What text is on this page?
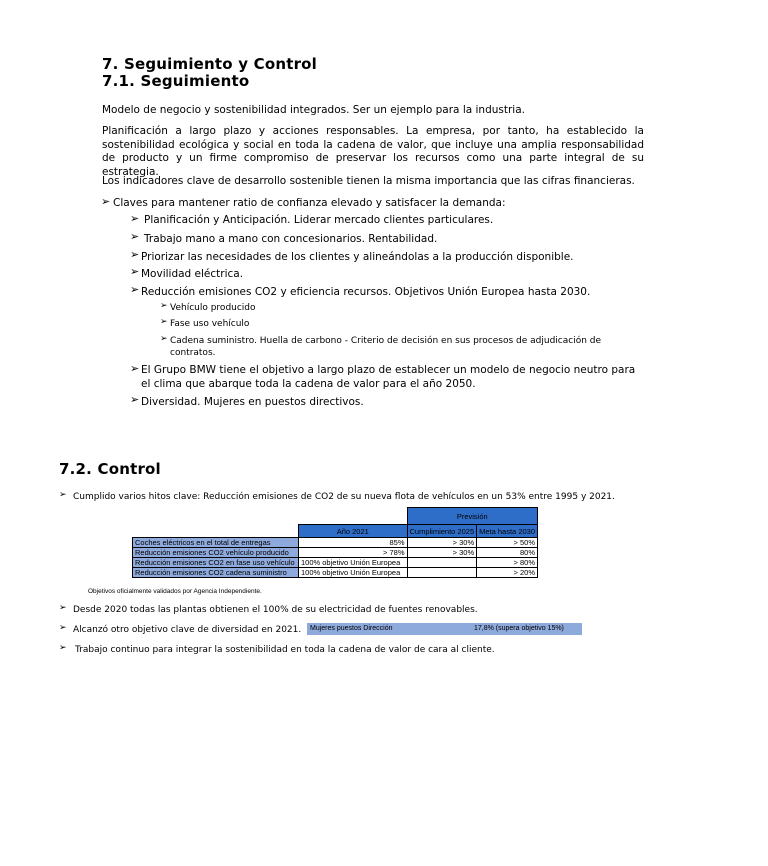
7. Seguimiento y Control
7.1. Seguimiento
Modelo de negocio y sostenibilidad integrados. Ser un ejemplo para la industria.
Planificación a largo plazo y acciones responsables. La empresa, por tanto, ha establecido la sostenibilidad ecológica y social en toda la cadena de valor, que incluye una amplia responsabilidad de producto y un firme compromiso de preservar los recursos como una parte integral de su estrategia.
Los indicadores clave de desarrollo sostenible tienen la misma importancia que las cifras financieras.
➢ Claves para mantener ratio de confianza elevado y satisfacer la demanda:
➢ Planificación y Anticipación. Liderar mercado clientes particulares.
➢ Trabajo mano a mano con concesionarios. Rentabilidad.
➢ Priorizar las necesidades de los clientes y alineándolas a la producción disponible.
➢ Movilidad eléctrica.
➢ Reducción emisiones CO2 y eficiencia recursos. Objetivos Unión Europea hasta 2030.
➢ Vehículo producido
➢ Fase uso vehículo
➢ Cadena suministro. Huella de carbono - Criterio de decisión en sus procesos de adjudicación de contratos.
➢ El Grupo BMW tiene el objetivo a largo plazo de establecer un modelo de negocio neutro para el clima que abarque toda la cadena de valor para el año 2050.
➢ Diversidad. Mujeres en puestos directivos.
7.2. Control
➢ Cumplido varios hitos clave: Reducción emisiones de CO2 de su nueva flota de vehículos en un 53% entre 1995 y 2021.
		Previsión	
	Año 2021	Cumplimiento 2025	Meta hasta 2030
Coches eléctricos en el total de entregas	85%	> 30%	> 50%
Reducción emisiones CO2 vehículo producido	> 78%	> 30%	80%
Reducción emisiones CO2 en fase uso vehículo	100% objetivo Unión Europea		> 80%
Reducción emisiones CO2 cadena suministro	100% objetivo Unión Europea		> 20%
Objetivos oficialmente validados por Agencia Independiente.
➢ Desde 2020 todas las plantas obtienen el 100% de su electricidad de fuentes renovables.
➢ Alcanzó otro objetivo clave de diversidad en 2021. Mujeres puestos Dirección	17,8% (supera objetivo 15%)
➢ Trabajo continuo para integrar la sostenibilidad en toda la cadena de valor de cara al cliente.
